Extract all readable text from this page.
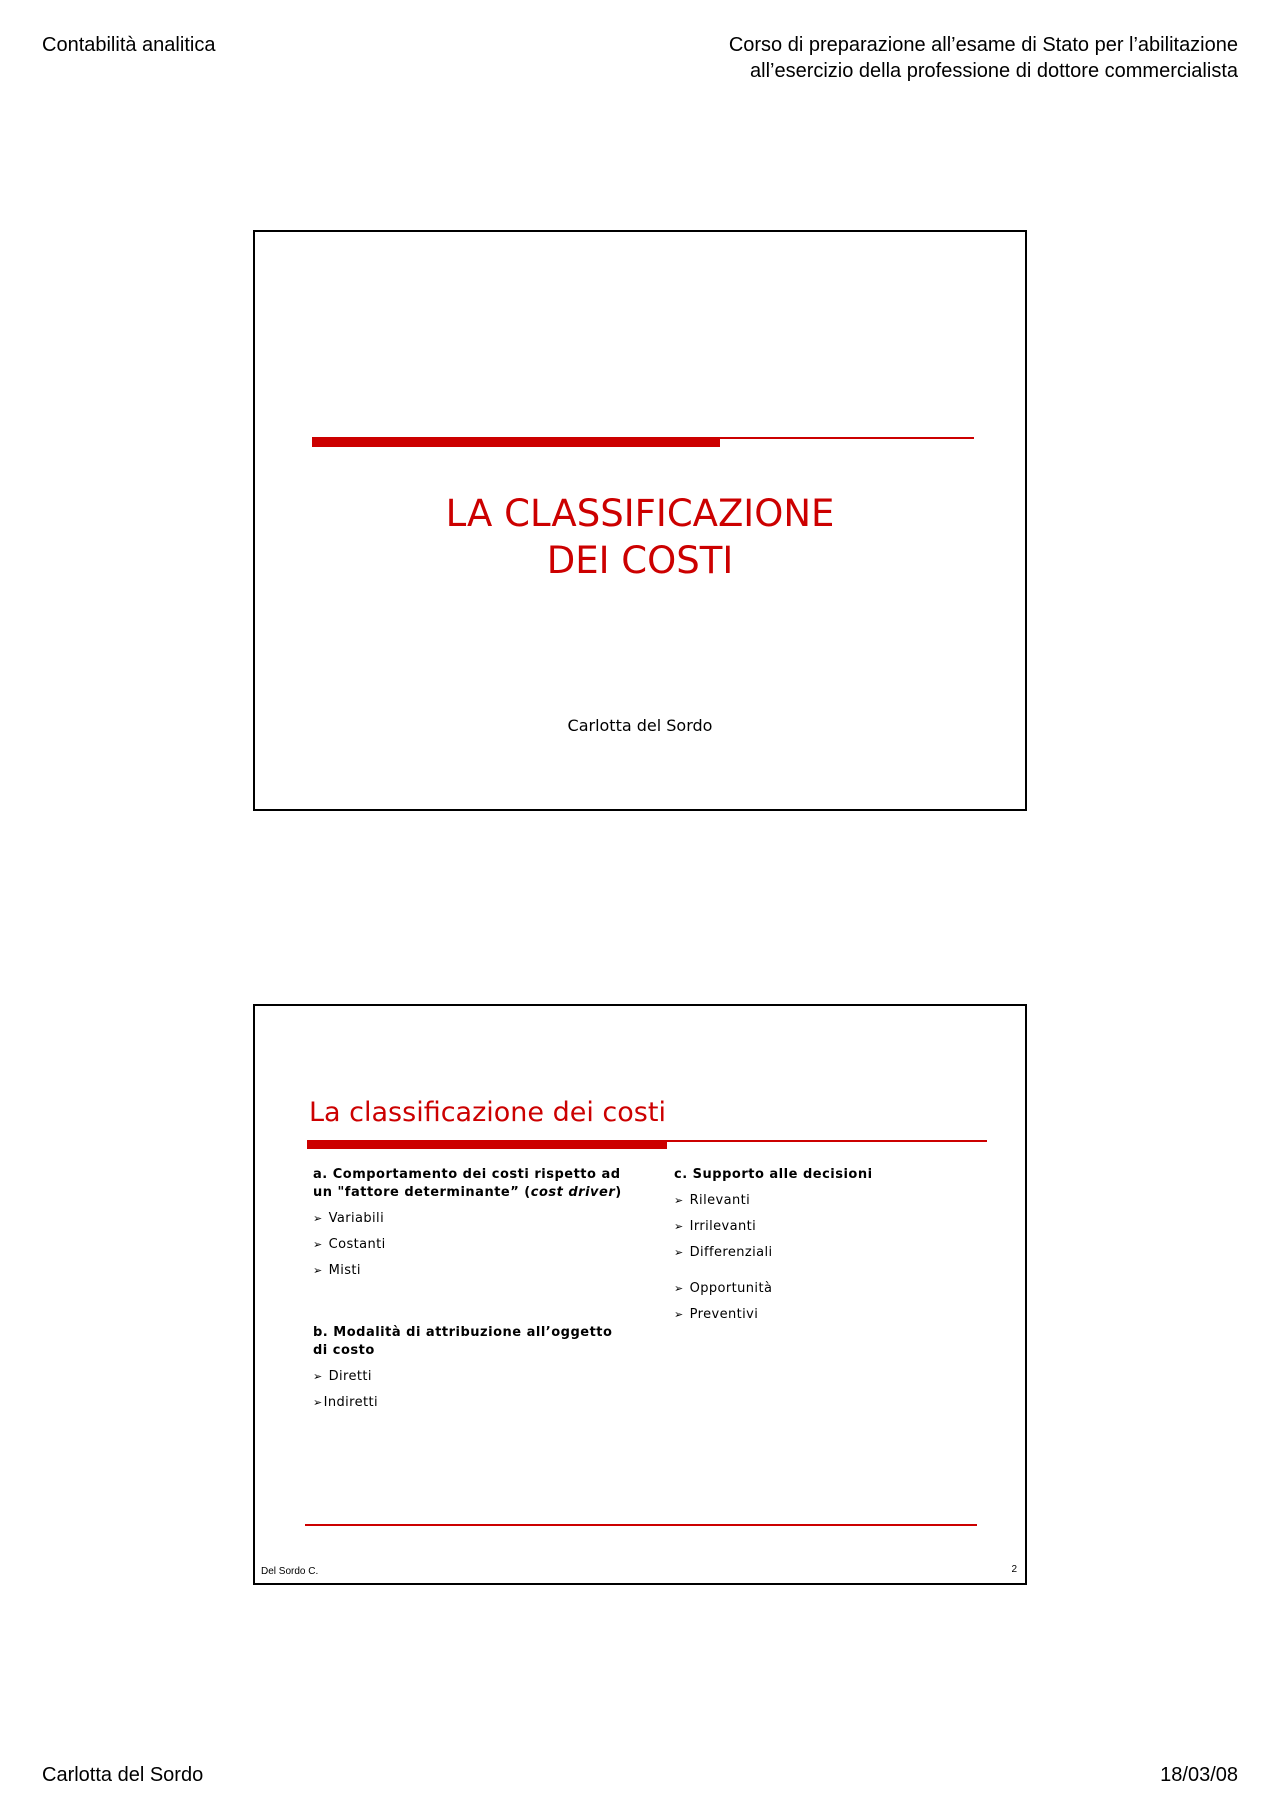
Contabilità analitica	Corso di preparazione all’esame di Stato per l’abilitazione
all’esercizio della professione di dottore commercialista
LA CLASSIFICAZIONE
DEI COSTI
Carlotta del Sordo
La classificazione dei costi
a. Comportamento dei costi rispetto ad
un "fattore determinante” (cost driver)
➢ Variabili
➢ Costanti
➢ Misti
b. Modalità di attribuzione all’oggetto
di costo
➢ Diretti
➢Indiretti
c. Supporto alle decisioni
➢ Rilevanti
➢ Irrilevanti
➢ Differenziali
➢ Opportunità
➢ Preventivi
Del Sordo C.	2
Carlotta del Sordo	18/03/08
